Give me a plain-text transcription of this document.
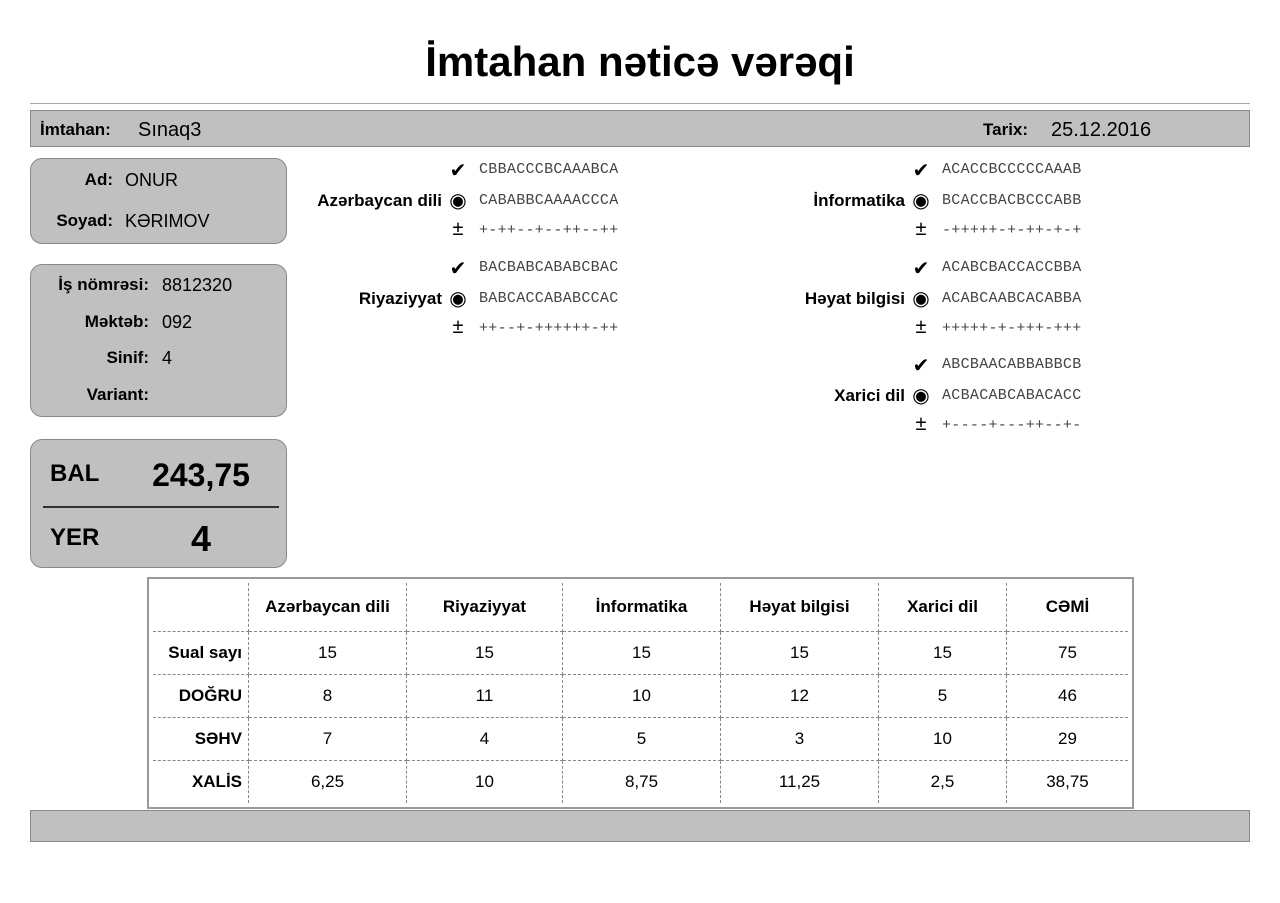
İmtahan nəticə vərəqi
İmtahan: Sınaq3	Tarix: 25.12.2016
Ad: ONUR
Soyad: KƏRIMOV
İş nömrəsi: 8812320
Məktəb: 092
Sinif: 4
Variant:
BAL	243,75
YER	4
✔ CBBACCCBCAAABCA
Azərbaycan dili ◉ CABABBCAAAACCCA
±	+-++--+--++--++
✔ ACACCBCCCCCAAAB
İnformatika ◉ BCACCBACBCCCABB
±	-+++++-+-++-+-+
✔ BACBABCABABCBAC
Riyaziyyat ◉ BABCACCABABCCAC
±	++--+-++++++-++
✔ ACABCBACCACCBBA
Həyat bilgisi ◉ ACABCAABCACABBA
±	+++++-+-+++-+++
✔ ABCBAACABBABBCB
Xarici dil ◉ ACBACABCABACACC
±	+----+---++--+-
	Azərbaycan dili	Riyaziyyat	İnformatika	Həyat bilgisi	Xarici dil	CƏMİ
Sual sayı	15	15	15	15	15	75
DOĞRU	8	11	10	12	5	46
SƏHV	7	4	5	3	10	29
XALİS	6,25	10	8,75	11,25	2,5	38,75
